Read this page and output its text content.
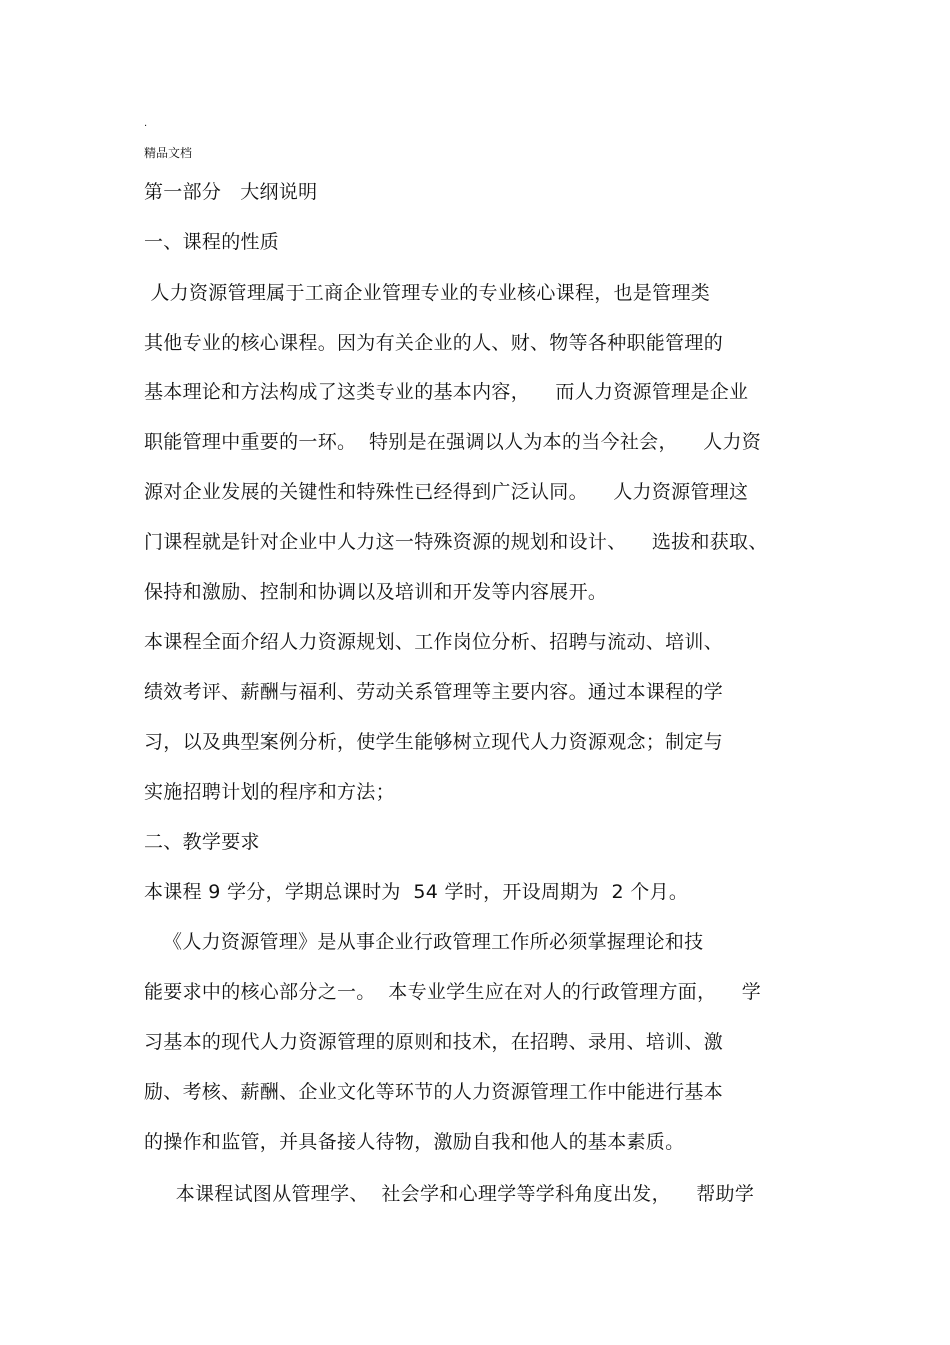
.
精品文档
第一部分   大纲说明
一、课程的性质
人力资源管理属于工商企业管理专业的专业核心课程，也是管理类
其他专业的核心课程。因为有关企业的人、财、物等各种职能管理的
基本理论和方法构成了这类专业的基本内容，    而人力资源管理是企业
职能管理中重要的一环。  特别是在强调以人为本的当今社会，    人力资
源对企业发展的关键性和特殊性已经得到广泛认同。    人力资源管理这
门课程就是针对企业中人力这一特殊资源的规划和设计、    选拔和获取、
保持和激励、控制和协调以及培训和开发等内容展开。
本课程全面介绍人力资源规划、工作岗位分析、招聘与流动、培训、
绩效考评、薪酬与福利、劳动关系管理等主要内容。通过本课程的学
习，以及典型案例分析，使学生能够树立现代人力资源观念；制定与
实施招聘计划的程序和方法；
二、教学要求
本课程 9 学分，学期总课时为  54 学时，开设周期为  2 个月。
《人力资源管理》是从事企业行政管理工作所必须掌握理论和技
能要求中的核心部分之一。  本专业学生应在对人的行政管理方面，    学
习基本的现代人力资源管理的原则和技术，在招聘、录用、培训、激
励、考核、薪酬、企业文化等环节的人力资源管理工作中能进行基本
的操作和监管，并具备接人待物，激励自我和他人的基本素质。
本课程试图从管理学、  社会学和心理学等学科角度出发，    帮助学
